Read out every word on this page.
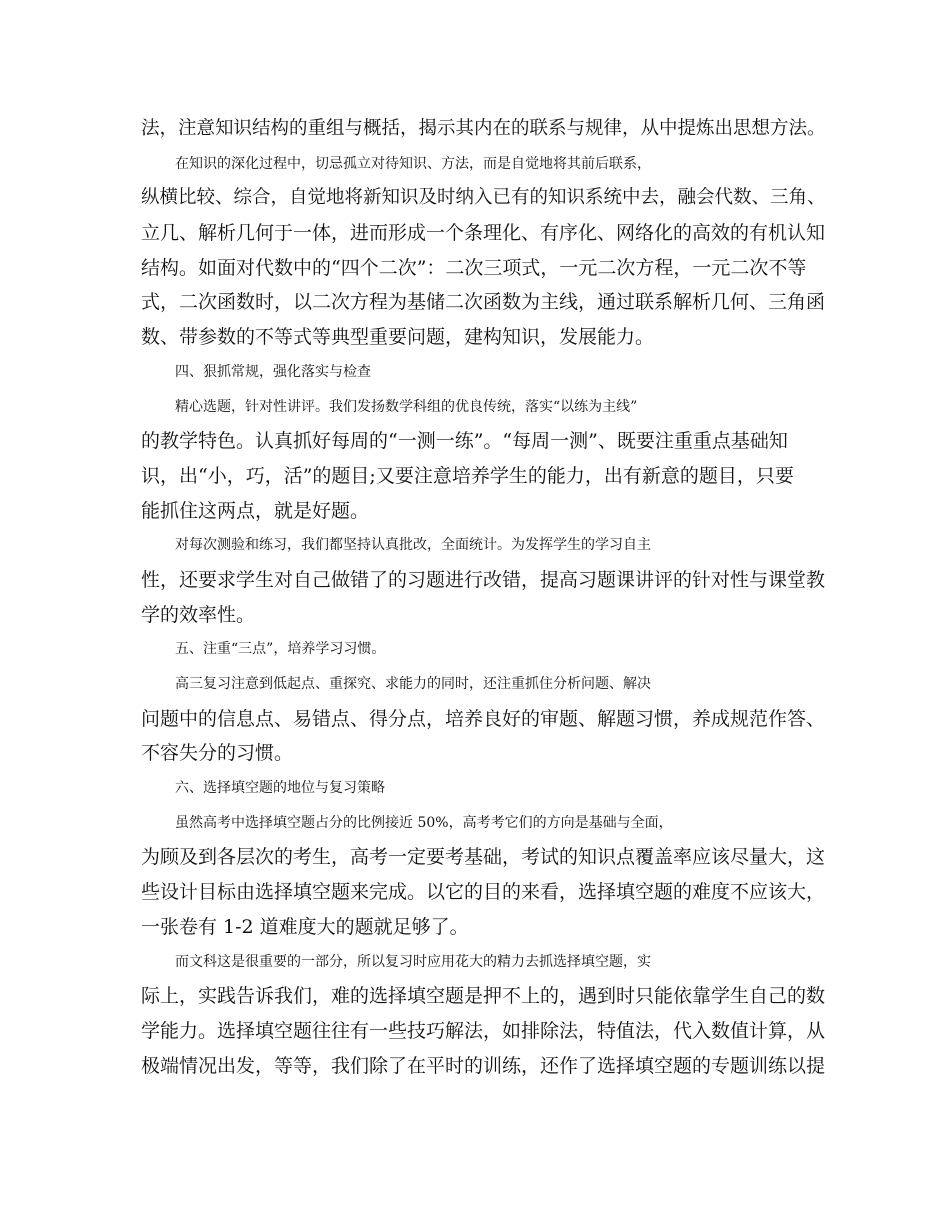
法，注意知识结构的重组与概括，揭示其内在的联系与规律，从中提炼出思想方法。
在知识的深化过程中，切忌孤立对待知识、方法，而是自觉地将其前后联系，
纵横比较、综合，自觉地将新知识及时纳入已有的知识系统中去，融会代数、三角、
立几、解析几何于一体，进而形成一个条理化、有序化、网络化的高效的有机认知
结构。如面对代数中的“四个二次”：二次三项式，一元二次方程，一元二次不等
式，二次函数时，以二次方程为基储二次函数为主线，通过联系解析几何、三角函
数、带参数的不等式等典型重要问题，建构知识，发展能力。
四、狠抓常规，强化落实与检查
精心选题，针对性讲评。我们发扬数学科组的优良传统，落实“以练为主线”
的教学特色。认真抓好每周的“一测一练”。“每周一测”、既要注重重点基础知
识，出“小，巧，活”的题目;又要注意培养学生的能力，出有新意的题目，只要
能抓住这两点，就是好题。
对每次测验和练习，我们都坚持认真批改，全面统计。为发挥学生的学习自主
性，还要求学生对自己做错了的习题进行改错，提高习题课讲评的针对性与课堂教
学的效率性。
五、注重“三点”，培养学习习惯。
高三复习注意到低起点、重探究、求能力的同时，还注重抓住分析问题、解决
问题中的信息点、易错点、得分点，培养良好的审题、解题习惯，养成规范作答、
不容失分的习惯。
六、选择填空题的地位与复习策略
虽然高考中选择填空题占分的比例接近 50%，高考考它们的方向是基础与全面，
为顾及到各层次的考生，高考一定要考基础，考试的知识点覆盖率应该尽量大，这
些设计目标由选择填空题来完成。以它的目的来看，选择填空题的难度不应该大，
一张卷有 1-2 道难度大的题就足够了。
而文科这是很重要的一部分，所以复习时应用花大的精力去抓选择填空题，实
际上，实践告诉我们，难的选择填空题是押不上的，遇到时只能依靠学生自己的数
学能力。选择填空题往往有一些技巧解法，如排除法，特值法，代入数值计算，从
极端情况出发，等等，我们除了在平时的训练，还作了选择填空题的专题训练以提
